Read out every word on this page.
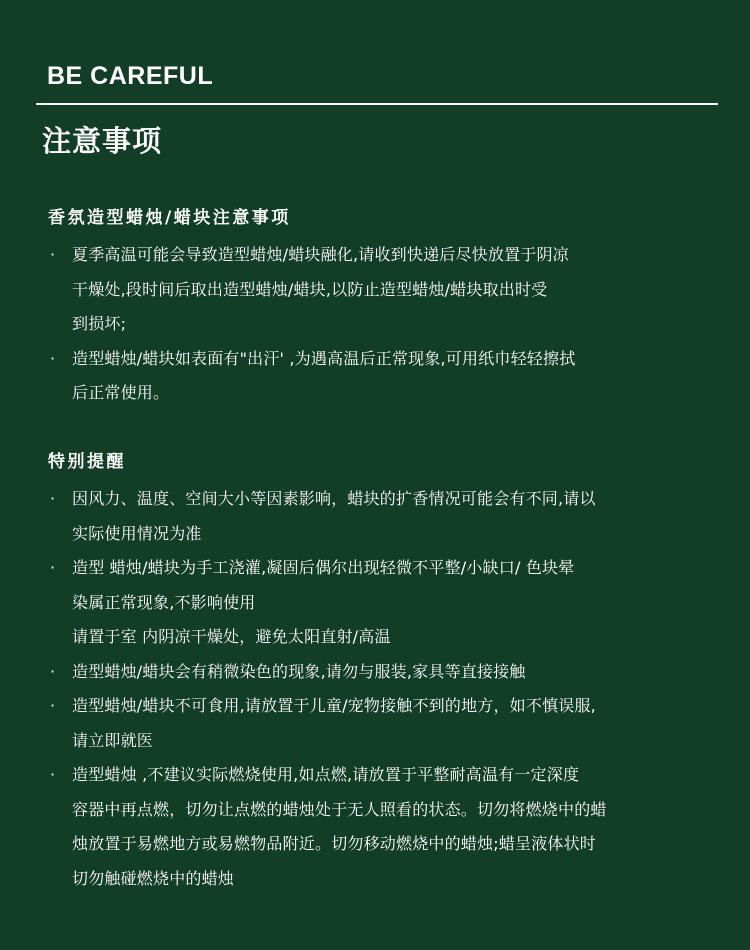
BE CAREFUL
注意事项
香氛造型蜡烛/蜡块注意事项
·	夏季高温可能会导致造型蜡烛/蜡块融化,请收到快递后尽快放置于阴凉
干燥处,段时间后取出造型蜡烛/蜡块,以防止造型蜡烛/蜡块取出时受
到损坏;
·	造型蜡烛/蜡块如表面有"出汗' ,为遇高温后正常现象,可用纸巾轻轻擦拭
后正常使用。
特别提醒
·	因风力、温度、空间大小等因素影响，蜡块的扩香情况可能会有不同,请以
实际使用情况为准
·	造型 蜡烛/蜡块为手工浇灌,凝固后偶尔出现轻微不平整/小缺口/ 色块晕
染属正常现象,不影响使用
请置于室 内阴凉干燥处，避免太阳直射/高温
·	造型蜡烛/蜡块会有稍微染色的现象,请勿与服装,家具等直接接触
·	造型蜡烛/蜡块不可食用,请放置于儿童/宠物接触不到的地方，如不慎误服,
请立即就医
·	造型蜡烛 ,不建议实际燃烧使用,如点燃,请放置于平整耐高温有一定深度
容器中再点燃，切勿让点燃的蜡烛处于无人照看的状态。切勿将燃烧中的蜡
烛放置于易燃地方或易燃物品附近。切勿移动燃烧中的蜡烛;蜡呈液体状时
切勿触碰燃烧中的蜡烛
